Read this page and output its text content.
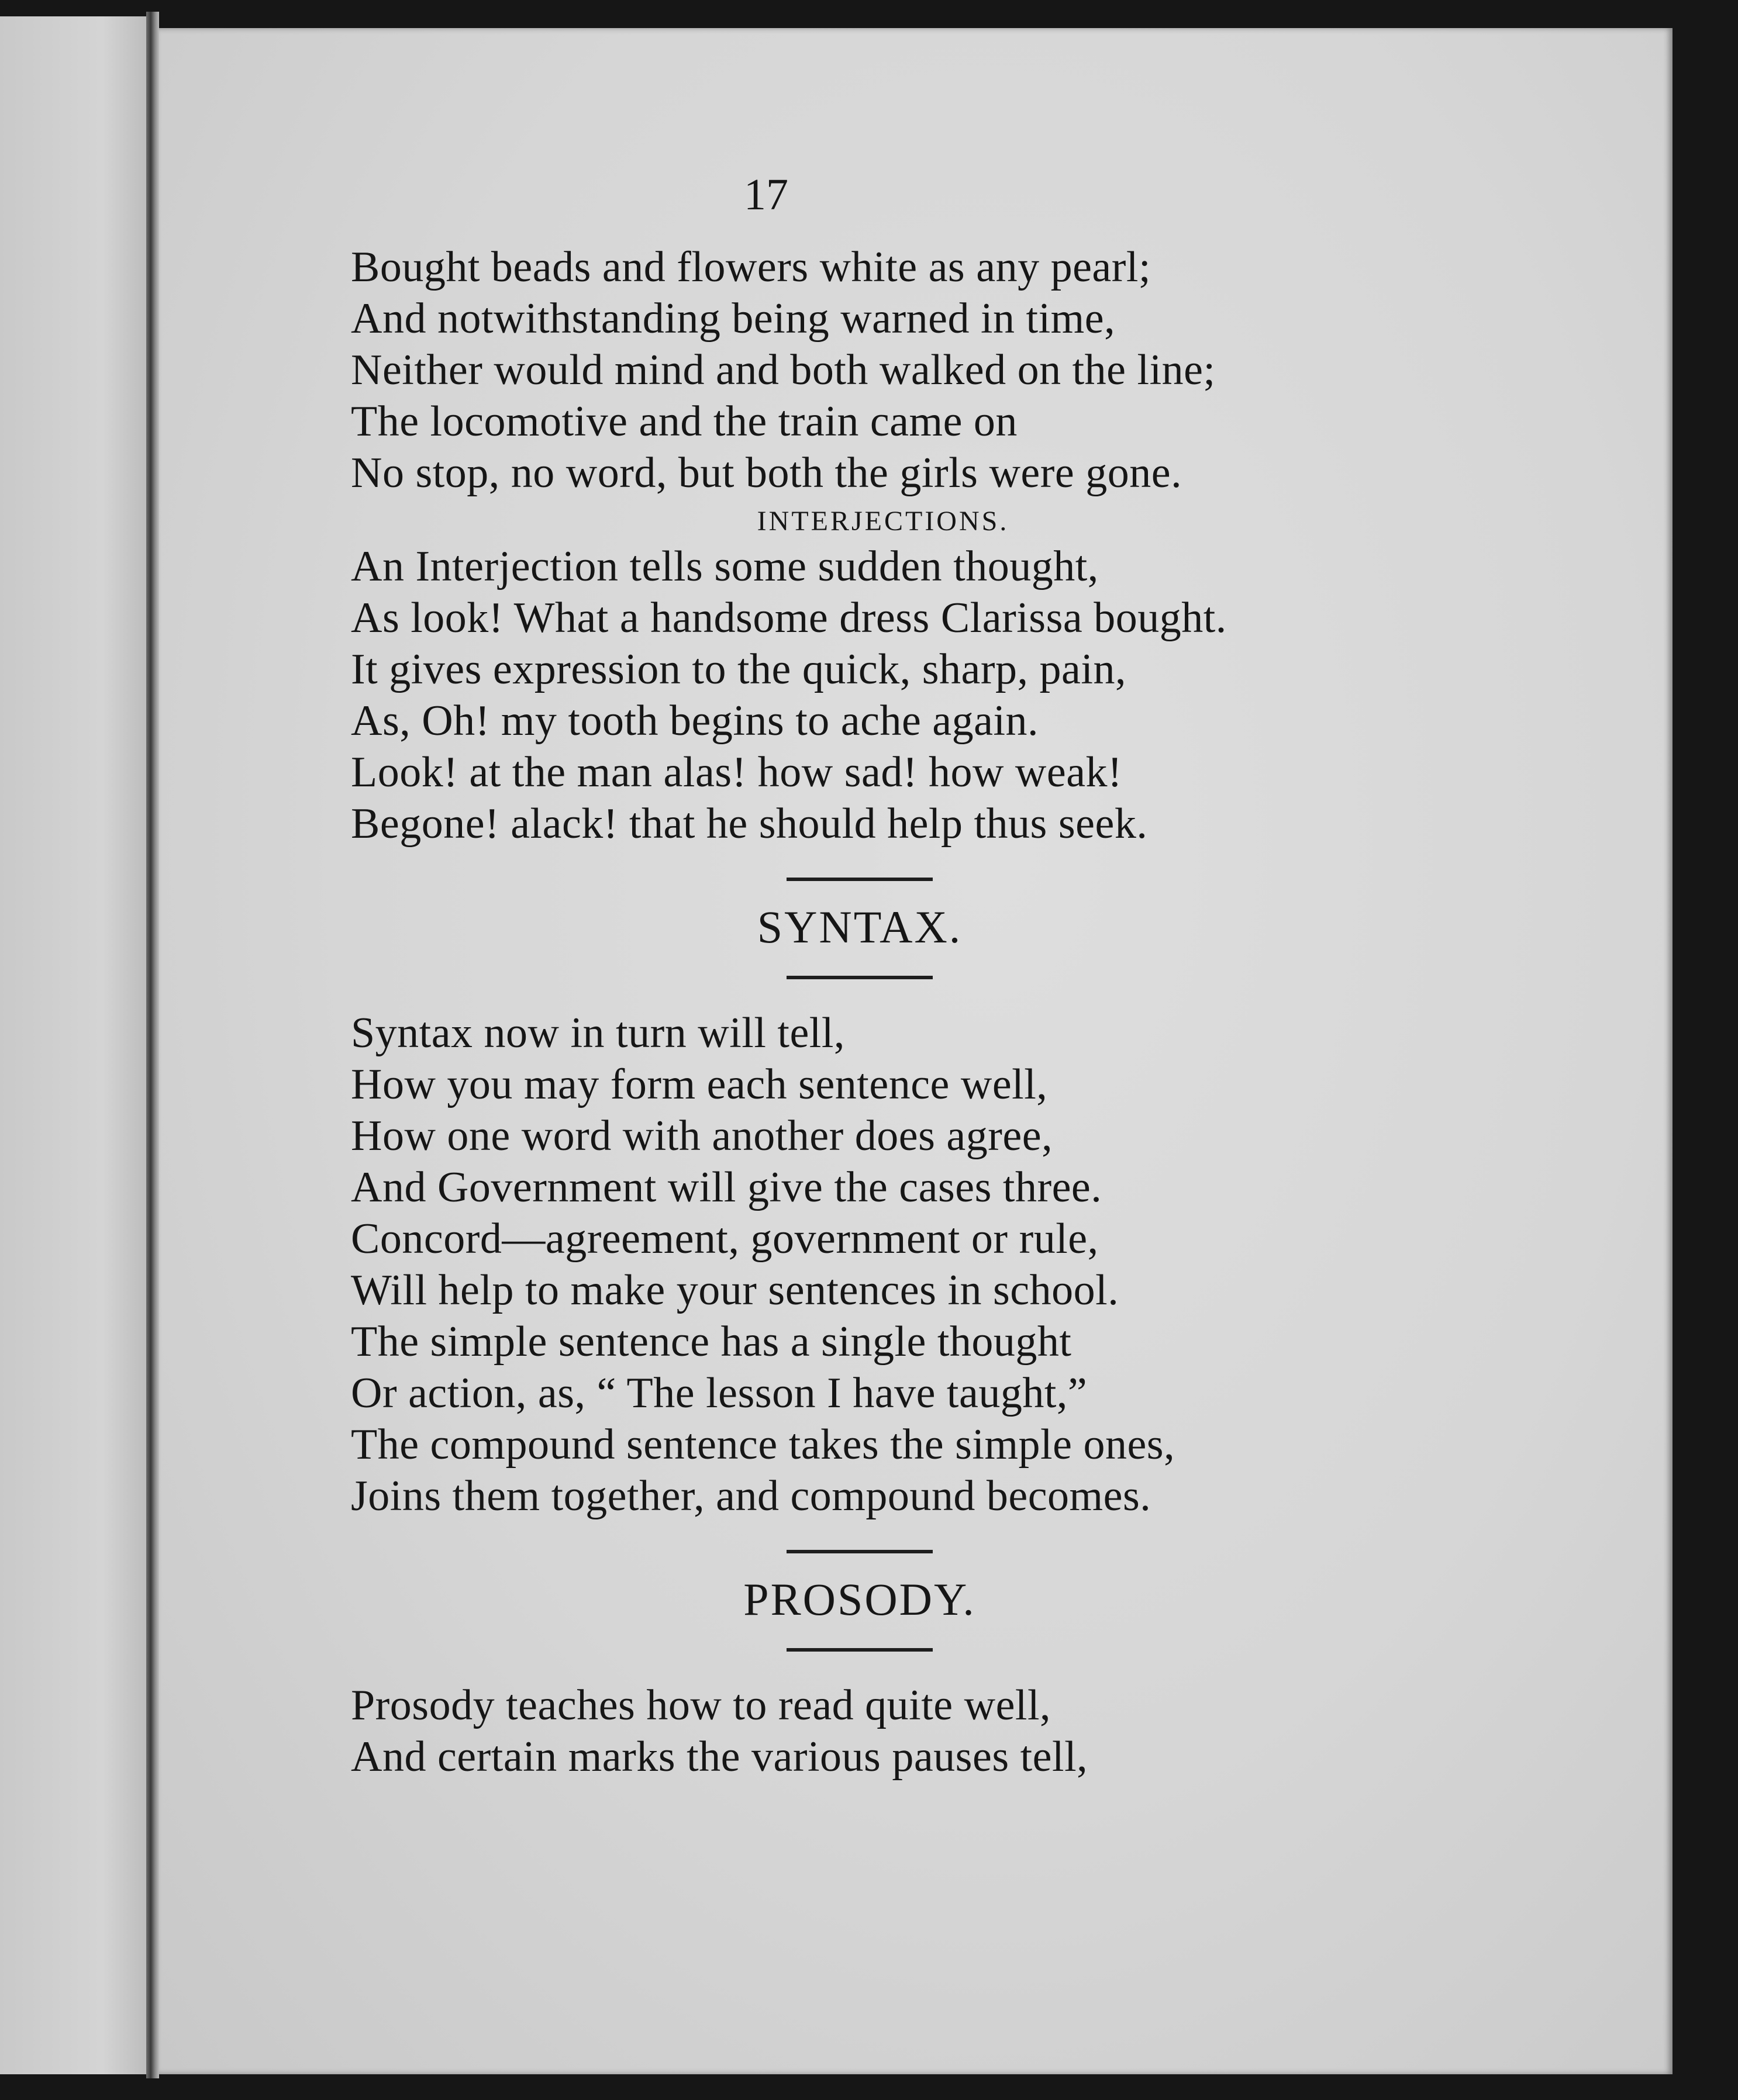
17
Bought beads and flowers white as any pearl;
And notwithstanding being warned in time,
Neither would mind and both walked on the line;
The locomotive and the train came on
No stop, no word, but both the girls were gone.
INTERJECTIONS.
An Interjection tells some sudden thought,
As look! What a handsome dress Clarissa bought.
It gives expression to the quick, sharp, pain,
As, Oh! my tooth begins to ache again.
Look! at the man alas! how sad! how weak!
Begone! alack! that he should help thus seek.
SYNTAX.
Syntax now in turn will tell,
How you may form each sentence well,
How one word with another does agree,
And Government will give the cases three.
Concord—agreement, government or rule,
Will help to make your sentences in school.
The simple sentence has a single thought
Or action, as, “ The lesson I have taught,”
The compound sentence takes the simple ones,
Joins them together, and compound becomes.
PROSODY.
Prosody teaches how to read quite well,
And certain marks the various pauses tell,
